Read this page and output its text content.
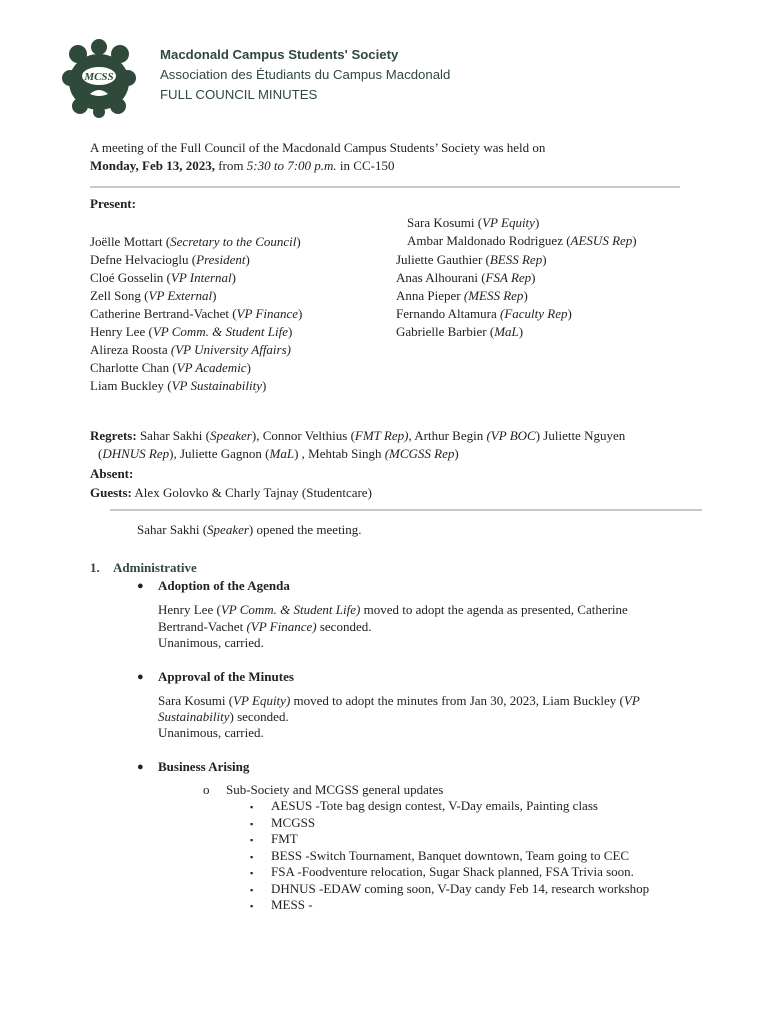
MCSS
Macdonald Campus Students' Society
Association des Étudiants du Campus Macdonald
FULL COUNCIL MINUTES
A meeting of the Full Council of the Macdonald Campus Students’ Society was held on
Monday, Feb 13, 2023, from 5:30 to 7:00 p.m. in CC-150
Present:
Joëlle Mottart (Secretary to the Council)
Defne Helvacioglu (President)
Cloé Gosselin (VP Internal)
Zell Song (VP External)
Catherine Bertrand-Vachet (VP Finance)
Henry Lee (VP Comm. & Student Life)
Alireza Roosta (VP University Affairs)
Charlotte Chan (VP Academic)
Liam Buckley (VP Sustainability)
Sara Kosumi (VP Equity)
Ambar Maldonado Rodriguez (AESUS Rep)
Juliette Gauthier (BESS Rep)
Anas Alhourani (FSA Rep)
Anna Pieper (MESS Rep)
Fernando Altamura (Faculty Rep)
Gabrielle Barbier (MaL)
Regrets: Sahar Sakhi (Speaker), Connor Velthius (FMT Rep), Arthur Begin (VP BOC) Juliette Nguyen
(DHNUS Rep), Juliette Gagnon (MaL) , Mehtab Singh (MCGSS Rep)
Absent:
Guests: Alex Golovko & Charly Tajnay (Studentcare)
Sahar Sakhi (Speaker) opened the meeting.
1. Administrative
● Adoption of the Agenda
Henry Lee (VP Comm. & Student Life) moved to adopt the agenda as presented, Catherine
Bertrand-Vachet (VP Finance) seconded.
Unanimous, carried.
● Approval of the Minutes
Sara Kosumi (VP Equity) moved to adopt the minutes from Jan 30, 2023, Liam Buckley (VP
Sustainability) seconded.
Unanimous, carried.
● Business Arising
o Sub-Society and MCGSS general updates
▪ AESUS -Tote bag design contest, V-Day emails, Painting class
▪ MCGSS
▪ FMT
▪ BESS -Switch Tournament, Banquet downtown, Team going to CEC
▪ FSA -Foodventure relocation, Sugar Shack planned, FSA Trivia soon.
▪ DHNUS -EDAW coming soon, V-Day candy Feb 14, research workshop
▪ MESS -
